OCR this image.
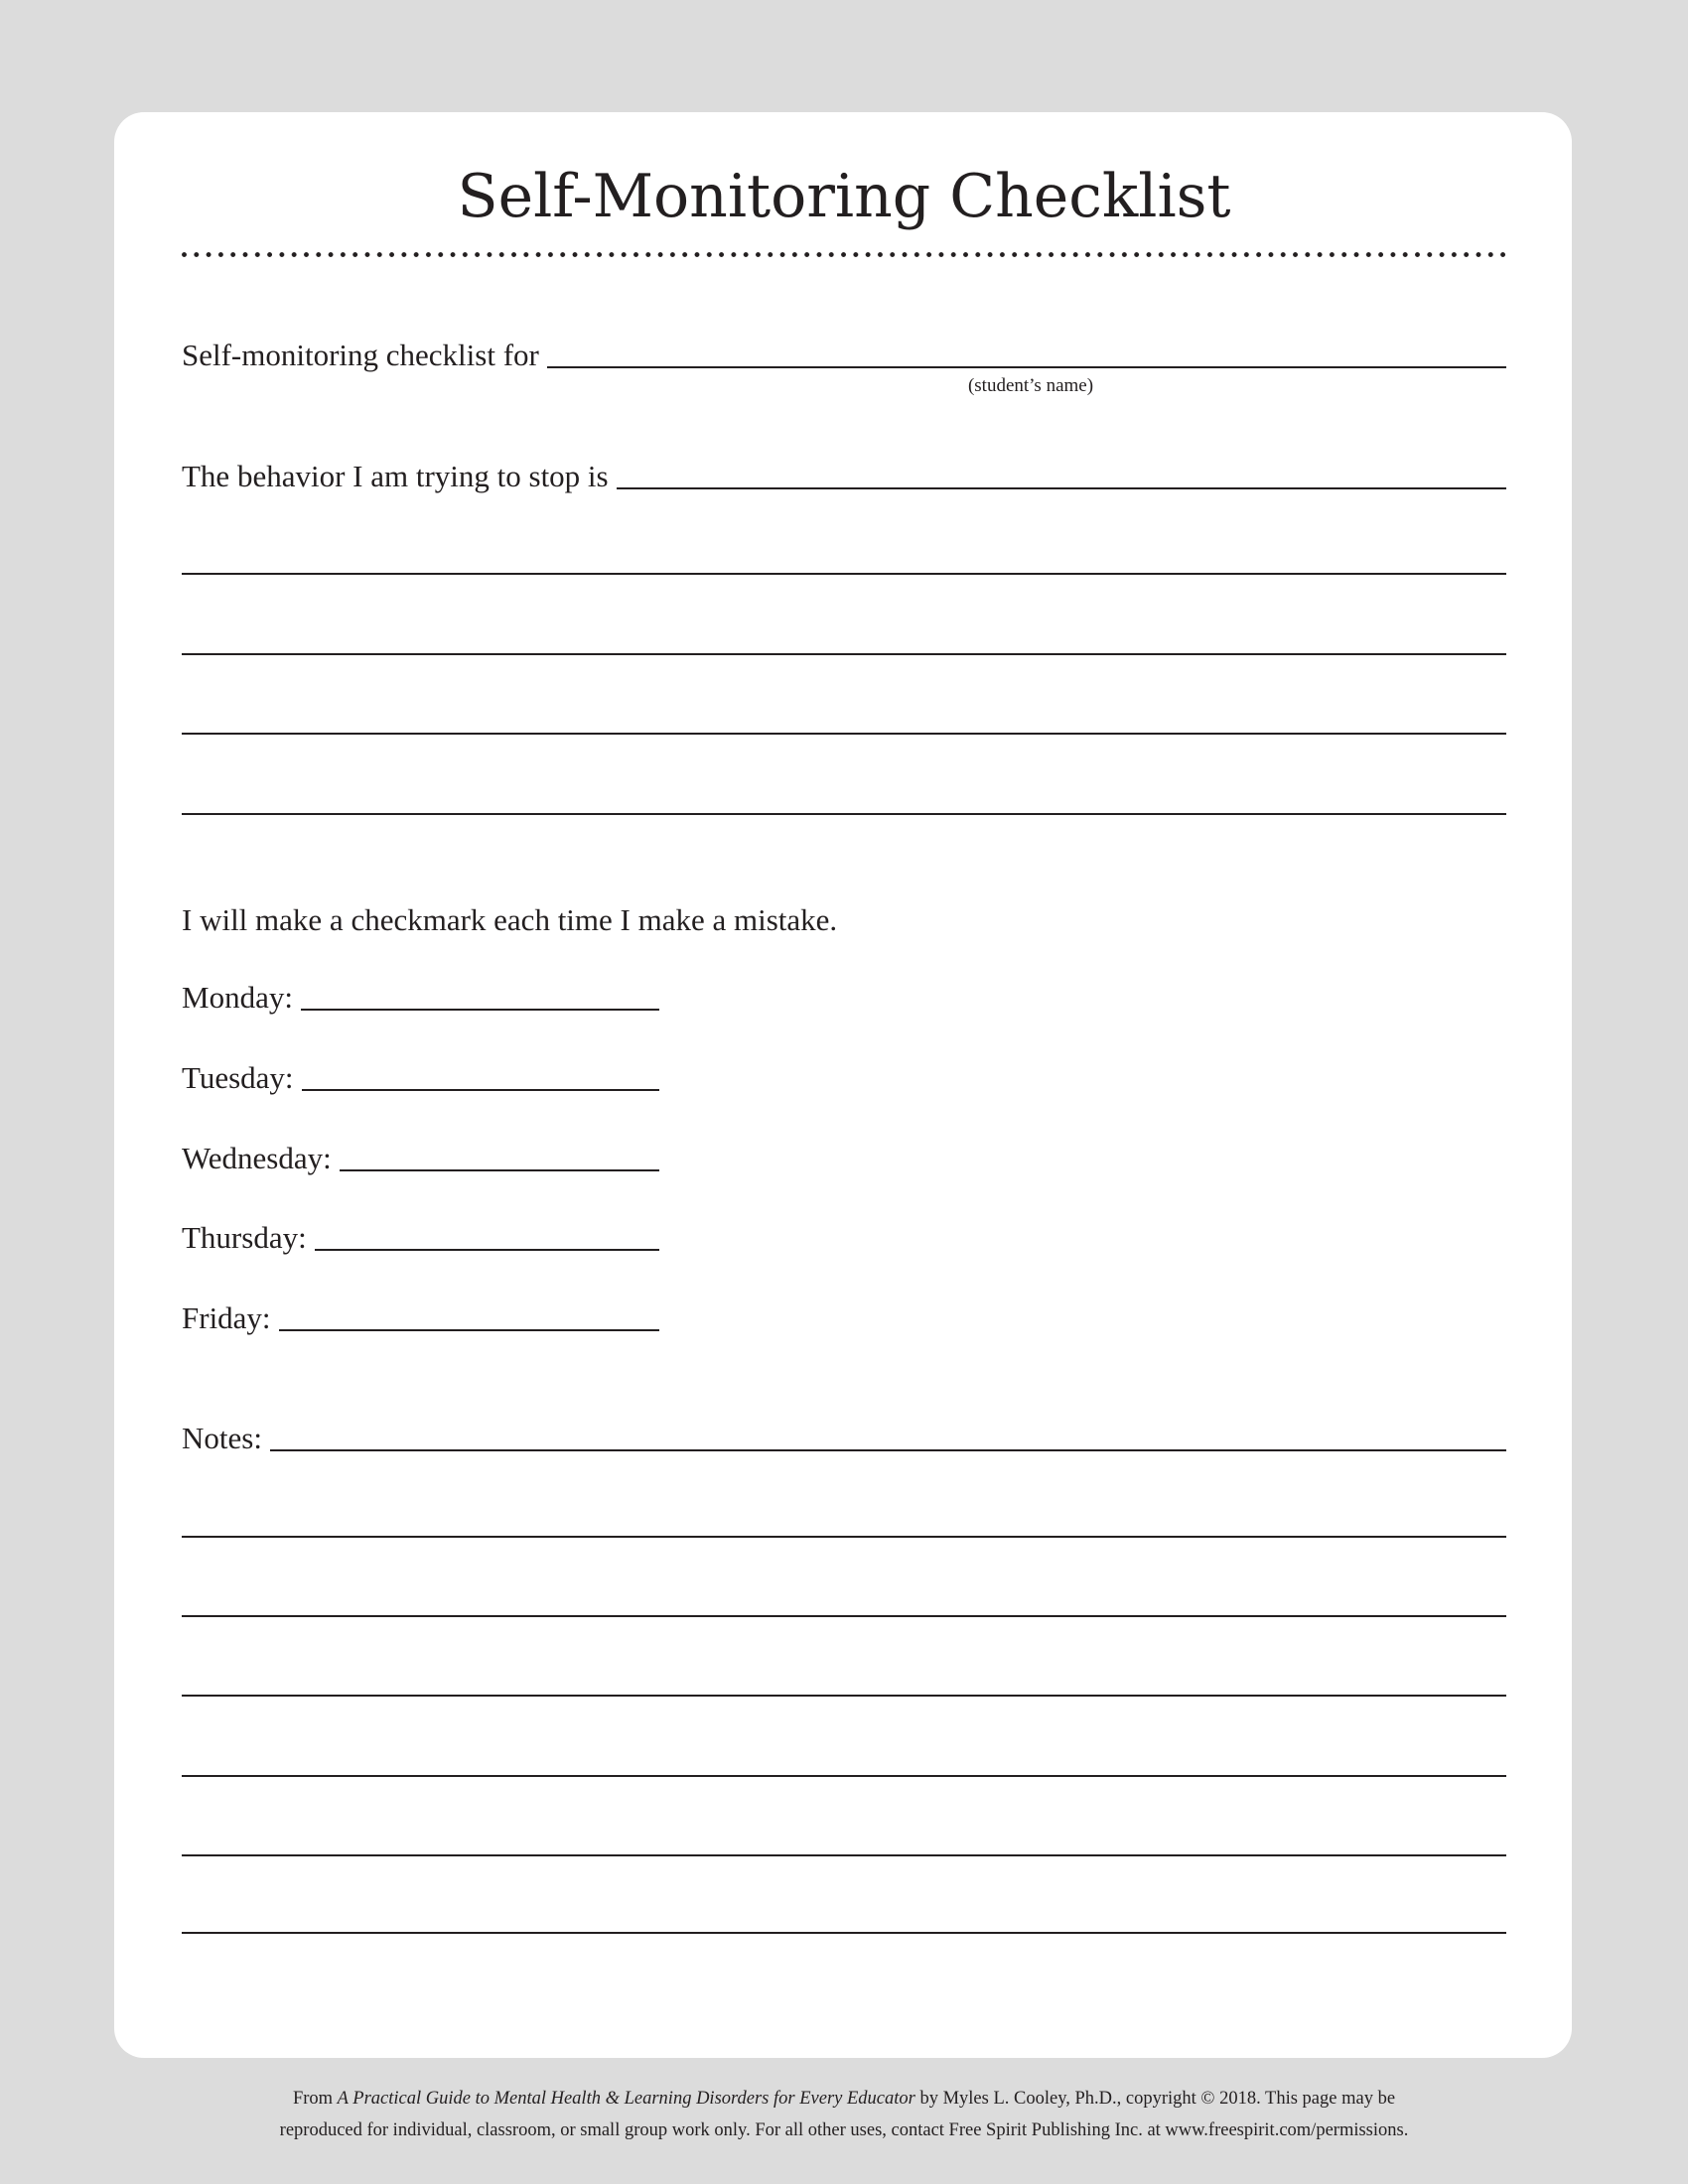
Self-Monitoring Checklist
Self-monitoring checklist for
(student’s name)
The behavior I am trying to stop is
I will make a checkmark each time I make a mistake.
Monday:
Tuesday:
Wednesday:
Thursday:
Friday:
Notes:
From A Practical Guide to Mental Health & Learning Disorders for Every Educator by Myles L. Cooley, Ph.D., copyright © 2018. This page may be
reproduced for individual, classroom, or small group work only. For all other uses, contact Free Spirit Publishing Inc. at www.freespirit.com/permissions.
